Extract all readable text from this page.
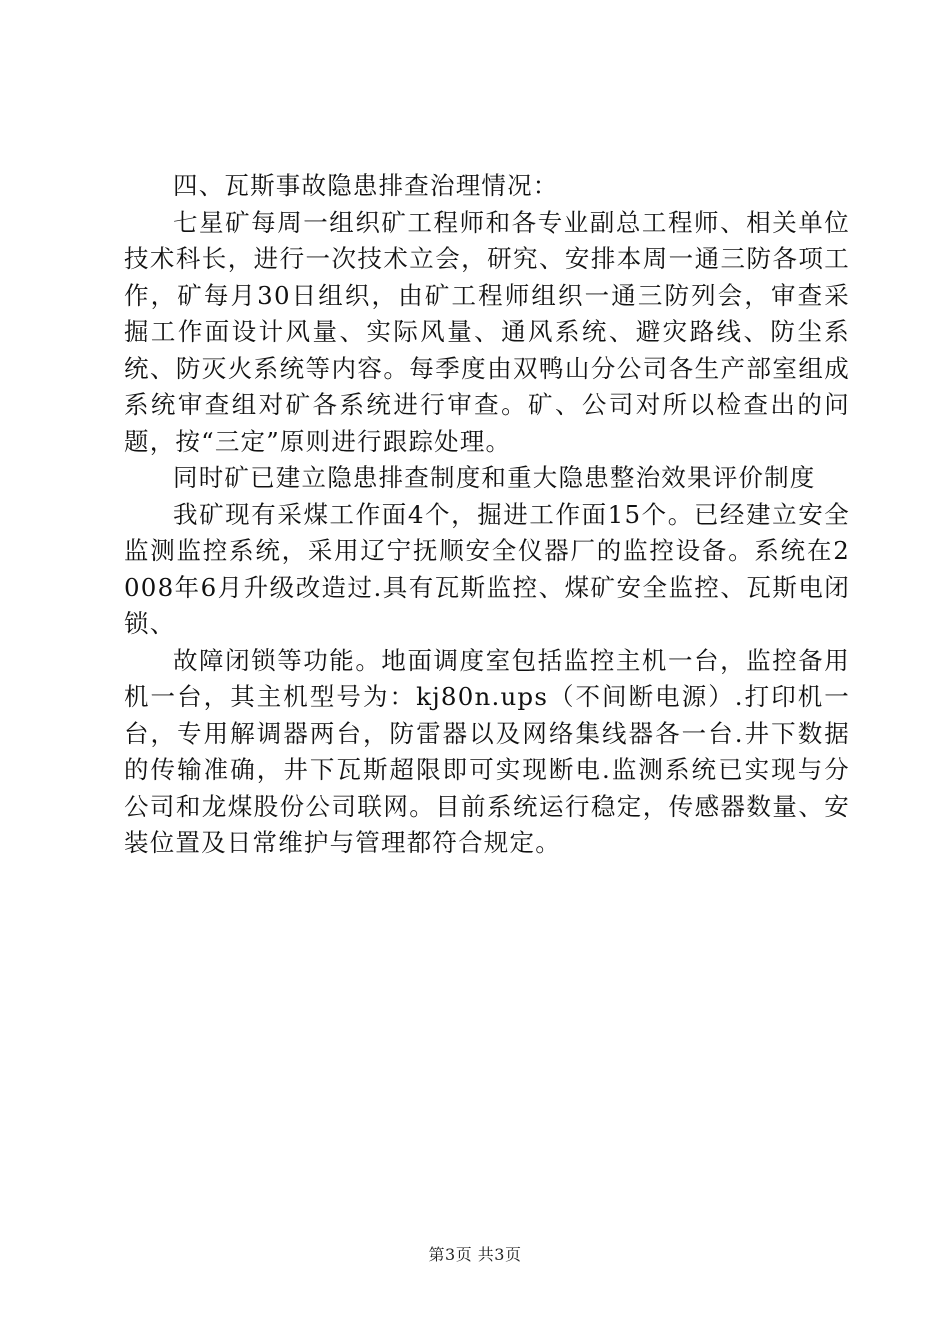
四、瓦斯事故隐患排查治理情况：

七星矿每周一组织矿工程师和各专业副总工程师、相关单位技术科长，进行一次技术立会，研究、安排本周一通三防各项工作，矿每月30日组织，由矿工程师组织一通三防列会，审查采掘工作面设计风量、实际风量、通风系统、避灾路线、防尘系统、防灭火系统等内容。每季度由双鸭山分公司各生产部室组成系统审查组对矿各系统进行审查。矿、公司对所以检查出的问题，按“三定”原则进行跟踪处理。

同时矿已建立隐患排查制度和重大隐患整治效果评价制度

我矿现有采煤工作面4个，掘进工作面15个。已经建立安全监测监控系统，采用辽宁抚顺安全仪器厂的监控设备。系统在2008年6月升级改造过.具有瓦斯监控、煤矿安全监控、瓦斯电闭锁、

故障闭锁等功能。地面调度室包括监控主机一台，监控备用机一台，其主机型号为：kj80n.ups（不间断电源）.打印机一台，专用解调器两台，防雷器以及网络集线器各一台.井下数据的传输准确，井下瓦斯超限即可实现断电.监测系统已实现与分公司和龙煤股份公司联网。目前系统运行稳定，传感器数量、安装位置及日常维护与管理都符合规定。

第3页 共3页
